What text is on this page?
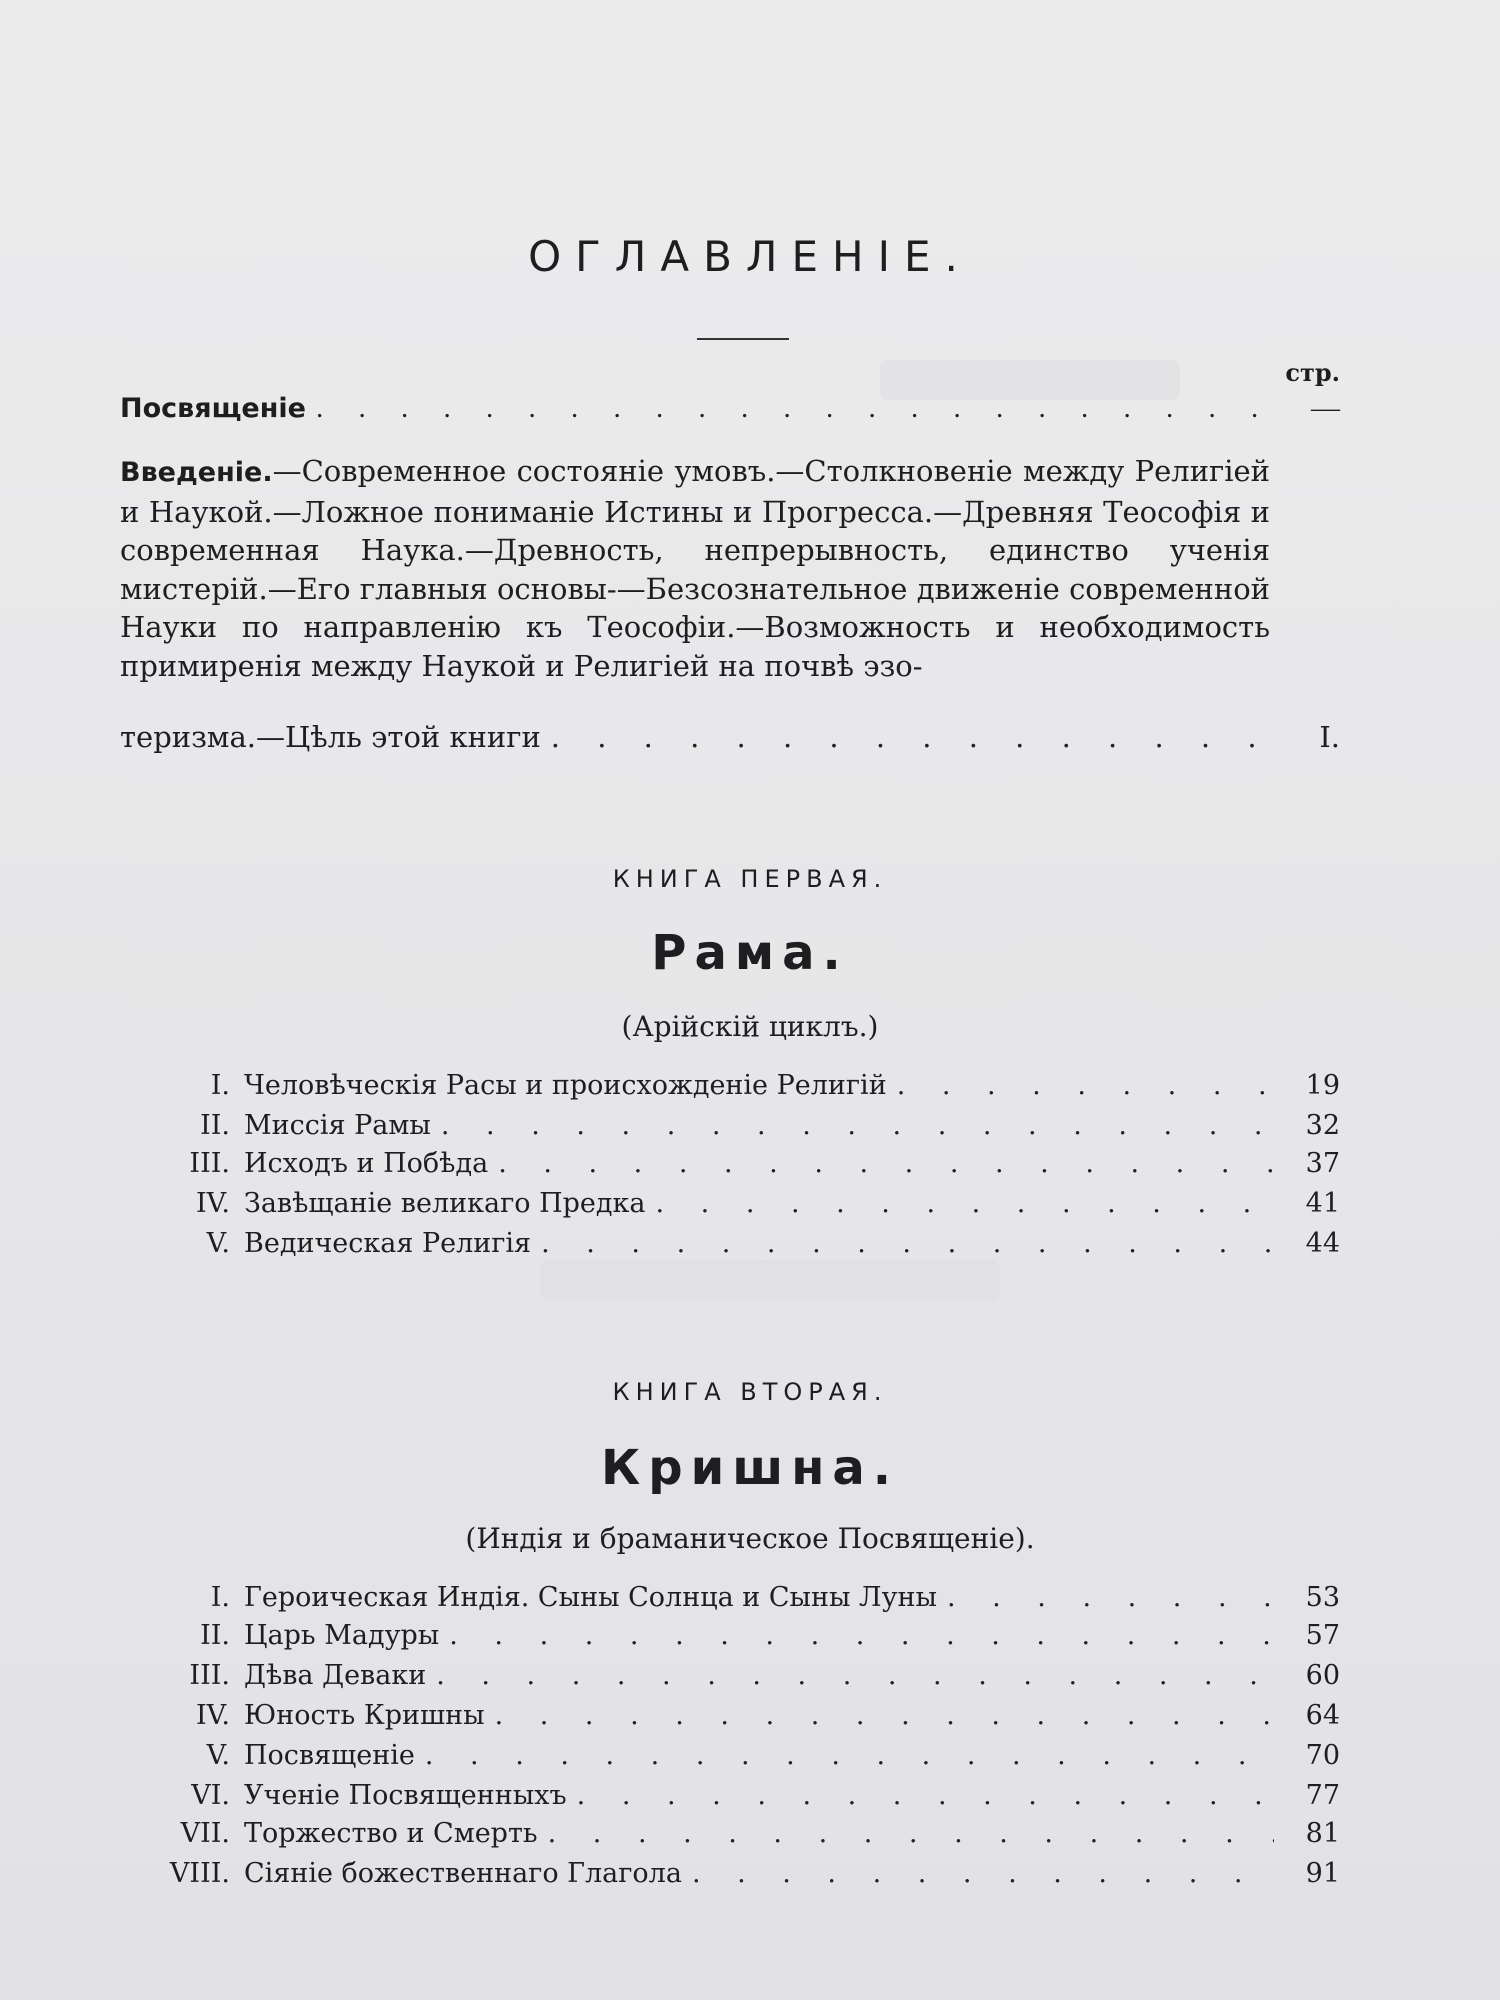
ОГЛАВЛЕНIЕ.
стр.
Посвященіе . . .	—
Введеніе.—Современное состояніе умовъ.—Столкновеніе между Религіей и Наукой.—Ложное пониманіе Истины и Прогресса.—Древняя Теософія и современная Наука.—Древность, непрерывность, единство ученія мистерій.—Его главныя основы-—Безсознательное движеніе современной Науки по направленію къ Теософіи.—Возможность и необходимость примиренія между Наукой и Религіей на почвѣ эзо-
теризма.—Цѣль этой книги . . .	I.
КНИГА ПЕРВАЯ.
Рама.
(Арійскій циклъ.)
I. Человѣческія Расы и происхожденіе Религій . . .	19
II. Миссія Рамы . . .	32
III. Исходъ и Побѣда . . .	37
IV. Завѣщаніе великаго Предка . . .	41
V. Ведическая Религія . . .	44
КНИГА ВТОРАЯ.
Кришна.
(Индія и браманическое Посвященіе).
I. Героическая Индія. Сыны Солнца и Сыны Луны . . .	53
II. Царь Мадуры . . .	57
III. Дѣва Деваки . . .	60
IV. Юность Кришны . . .	64
V. Посвященіе . . .	70
VI. Ученіе Посвященныхъ . . .	77
VII. Торжество и Смерть . . .	81
VIII. Сіяніе божественнаго Глагола . . .	91
